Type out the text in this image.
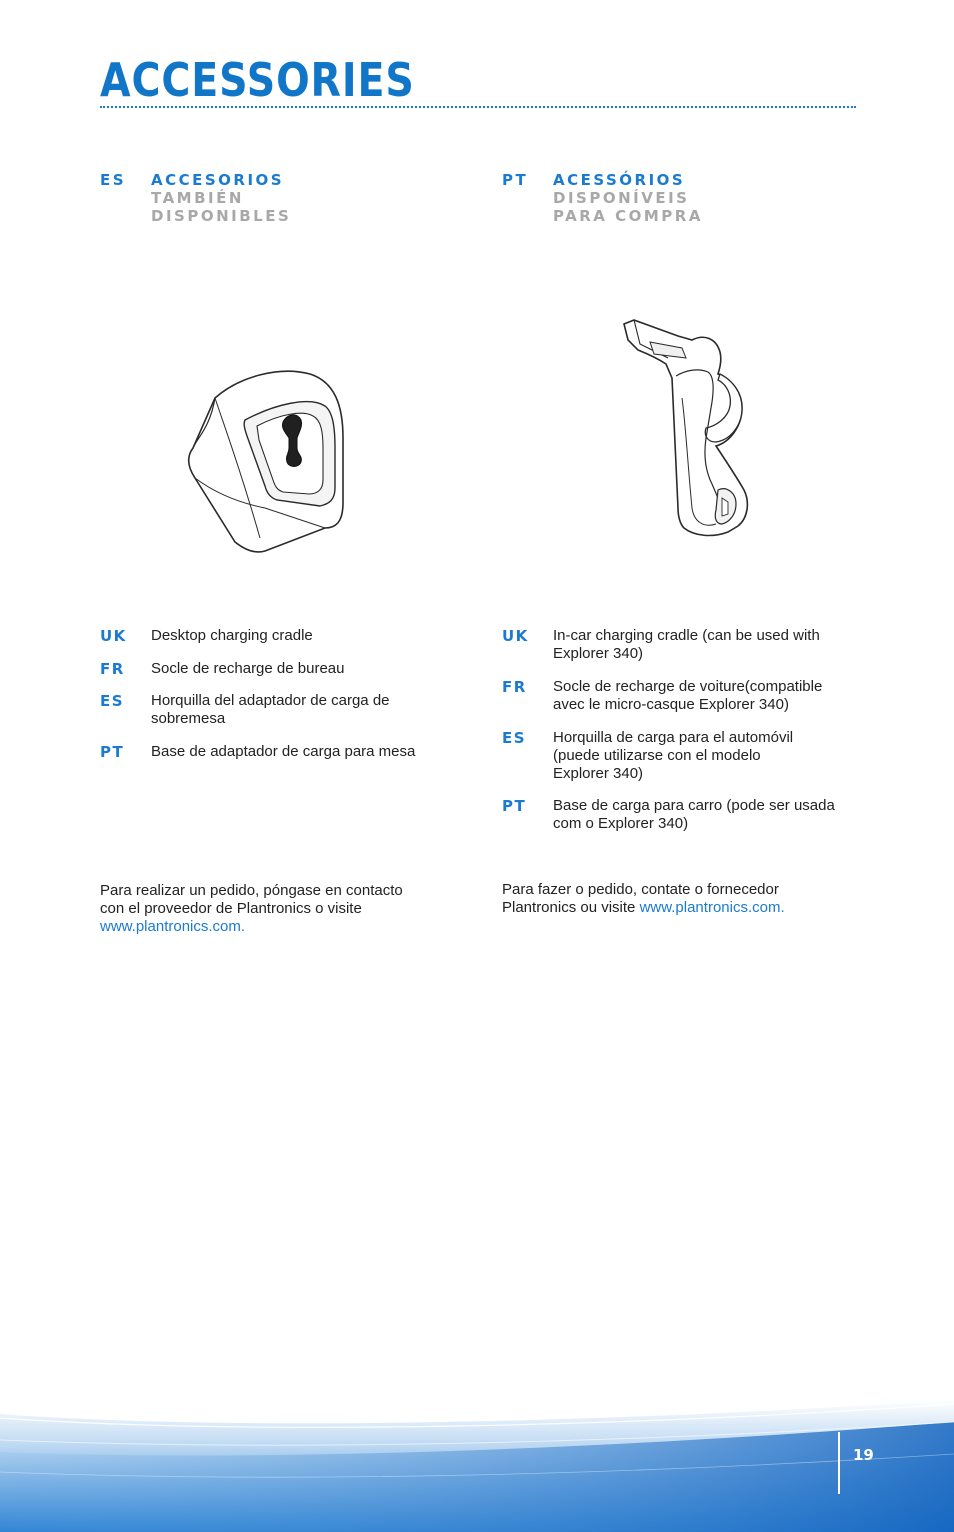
ACCESSORIES
ES ACCESORIOS
TAMBIÉN
DISPONIBLES
PT ACESSÓRIOS
DISPONÍVEIS
PARA COMPRA
UK Desktop charging cradle
FR Socle de recharge de bureau
ES Horquilla del adaptador de carga de
sobremesa
PT Base de adaptador de carga para mesa
UK In-car charging cradle (can be used with
Explorer 340)
FR Socle de recharge de voiture(compatible
avec le micro-casque Explorer 340)
ES Horquilla de carga para el automóvil
(puede utilizarse con el modelo
Explorer 340)
PT Base de carga para carro (pode ser usada
com o Explorer 340)
Para realizar un pedido, póngase en contacto
con el proveedor de Plantronics o visite
www.plantronics.com.
Para fazer o pedido, contate o fornecedor
Plantronics ou visite www.plantronics.com.
19
